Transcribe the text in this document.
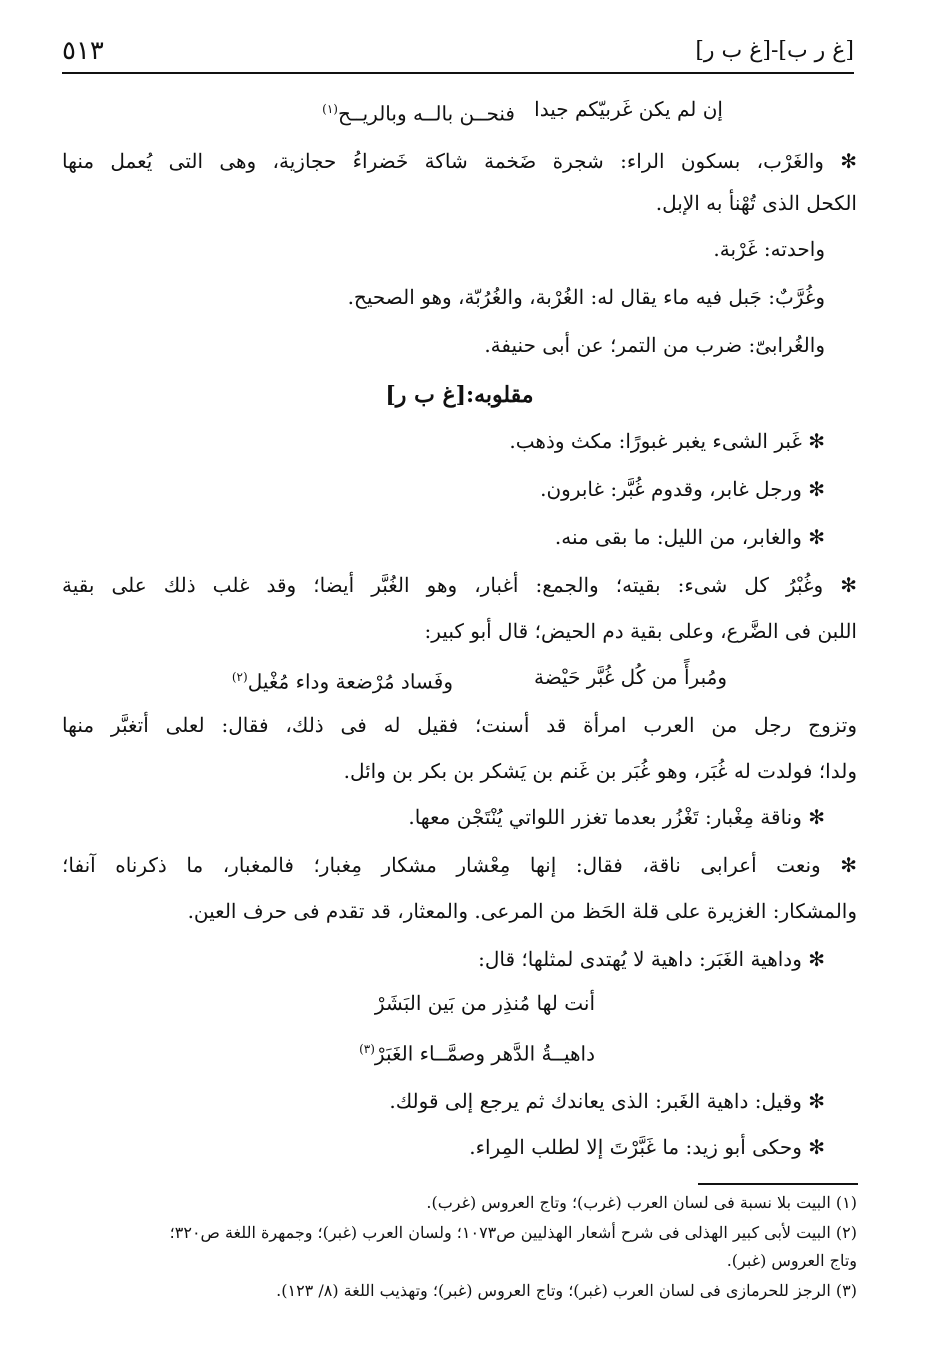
٥١٣	[غ ر ب]-[غ ب ر]
إن لم يكن غَربيّكم جيدا
فنحــن بالــه وبالريــح$^{(١)}$
✻ والغَرْب، بسكون الراء: شجرة ضَخمة شاكة خَضراءُ حجازية، وهى التى يُعمل منها
الكحل الذى تُهْنأ به الإبل.
واحدته: غَرْبة.
وغُرَّبٌ: جَبل فيه ماء يقال له: الغُرْبة، والغُرُبّة، وهو الصحيح.
والغُرابىّ: ضرب من التمر؛ عن أبى حنيفة.
مقلوبه:[غ ب ر]
✻ غَبر الشىء يغبر غبورًا: مكث وذهب.
✻ ورجل غابر، وقدوم غُبَّر: غابرون.
✻ والغابر، من الليل: ما بقى منه.
✻ وغُبْرُ كل شىء: بقيته؛ والجمع: أغبار، وهو الغُبَّر أيضا؛ وقد غلب ذلك على بقية
اللبن فى الضَّرع، وعلى بقية دم الحيض؛ قال أبو كبير:
ومُبرأً من كُل غُبَّر حَيْضة
وفَساد مُرْضعة وداء مُغْيل$^{(٢)}$
وتزوج رجل من العرب امرأة قد أسنت؛ فقيل له فى ذلك، فقال: لعلى أتغبَّر منها
ولدا؛ فولدت له غُبَر، وهو غُبَر بن غَنم بن يَشكر بن بكر بن وائل.
✻ وناقة مِغْبار: تَغْزُر بعدما تغزر اللواتي يُنْتَجْن معها.
✻ ونعت أعرابى ناقة، فقال: إنها مِعْشار مشكار مِغبار؛ فالمغبار، ما ذكرناه آنفا؛
والمشكار: الغزيرة على قلة الحَظ من المرعى. والمعثار، قد تقدم فى حرف العين.
✻ وداهية الغَبَر: داهية لا يُهتدى لمثلها؛ قال:
أنت لها مُنذِر من بَين البَشَرْ
داهيــةُ الدَّهر وصمَّــاء الغَبَرْ$^{(٣)}$
✻ وقيل: داهية الغَبر: الذى يعاندك ثم يرجع إلى قولك.
✻ وحكى أبو زيد: ما غَبَّرْتَ إلا لطلب المِراء.
(١) البيت بلا نسبة فى لسان العرب (غرب)؛ وتاج العروس (غرب).
(٢) البيت لأبى كبير الهذلى فى شرح أشعار الهذليين ص١٠٧٣؛ ولسان العرب (غبر)؛ وجمهرة اللغة ص٣٢٠؛
وتاج العروس (غبر).
(٣) الرجز للحرمازى فى لسان العرب (غبر)؛ وتاج العروس (غبر)؛ وتهذيب اللغة (٨/ ١٢٣).
